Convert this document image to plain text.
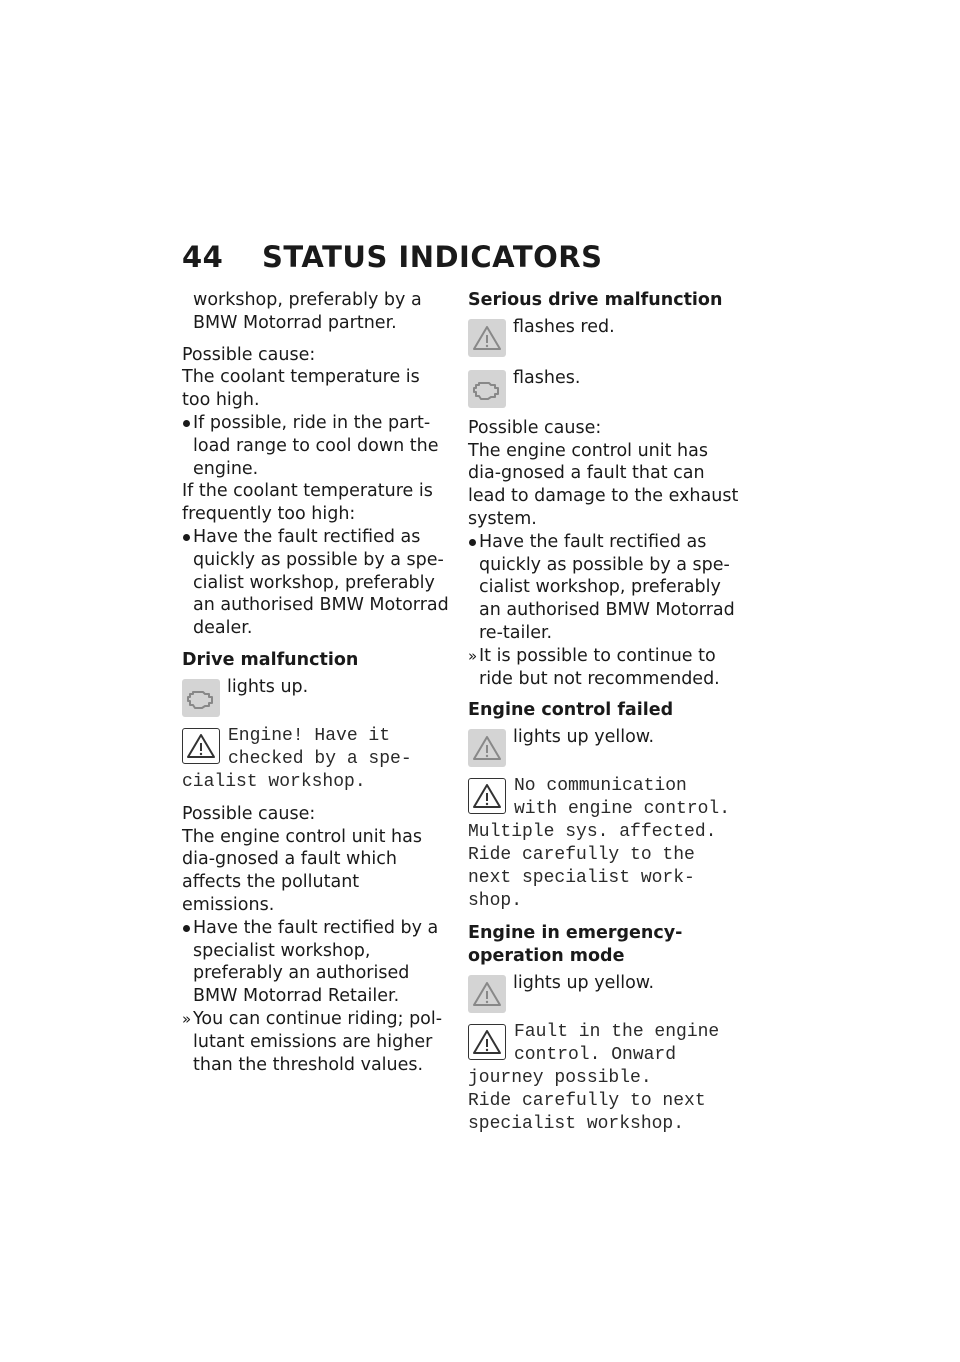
44 STATUS INDICATORS

workshop, preferably by a BMW Motorrad partner.

Possible cause:

The coolant temperature is too high.

If possible, ride in the part-load range to cool down the engine.

If the coolant temperature is frequently too high:

Have the fault rectified as quickly as possible by a spe-cialist workshop, preferably an authorised BMW Motorrad dealer.
Drive malfunction
lights up.
Engine! Have it
checked by a spe-
cialist workshop.

Possible cause:

The engine control unit has dia-gnosed a fault which affects the pollutant emissions.

Have the fault rectified by a specialist workshop, preferably an authorised BMW Motorrad Retailer.
» You can continue riding; pol-lutant emissions are higher than the threshold values.
Serious drive malfunction
flashes red.
flashes.

Possible cause:

The engine control unit has dia-gnosed a fault that can lead to damage to the exhaust system.

Have the fault rectified as quickly as possible by a spe-cialist workshop, preferably an authorised BMW Motorrad re-tailer.
» It is possible to continue to ride but not recommended.
Engine control failed
lights up yellow.
No communication
with engine control.
Multiple sys. affected.
Ride carefully to the
next specialist work-
shop.
Engine in emergency-operation mode
lights up yellow.
Fault in the engine
control. Onward
journey possible.
Ride carefully to next
specialist workshop.
